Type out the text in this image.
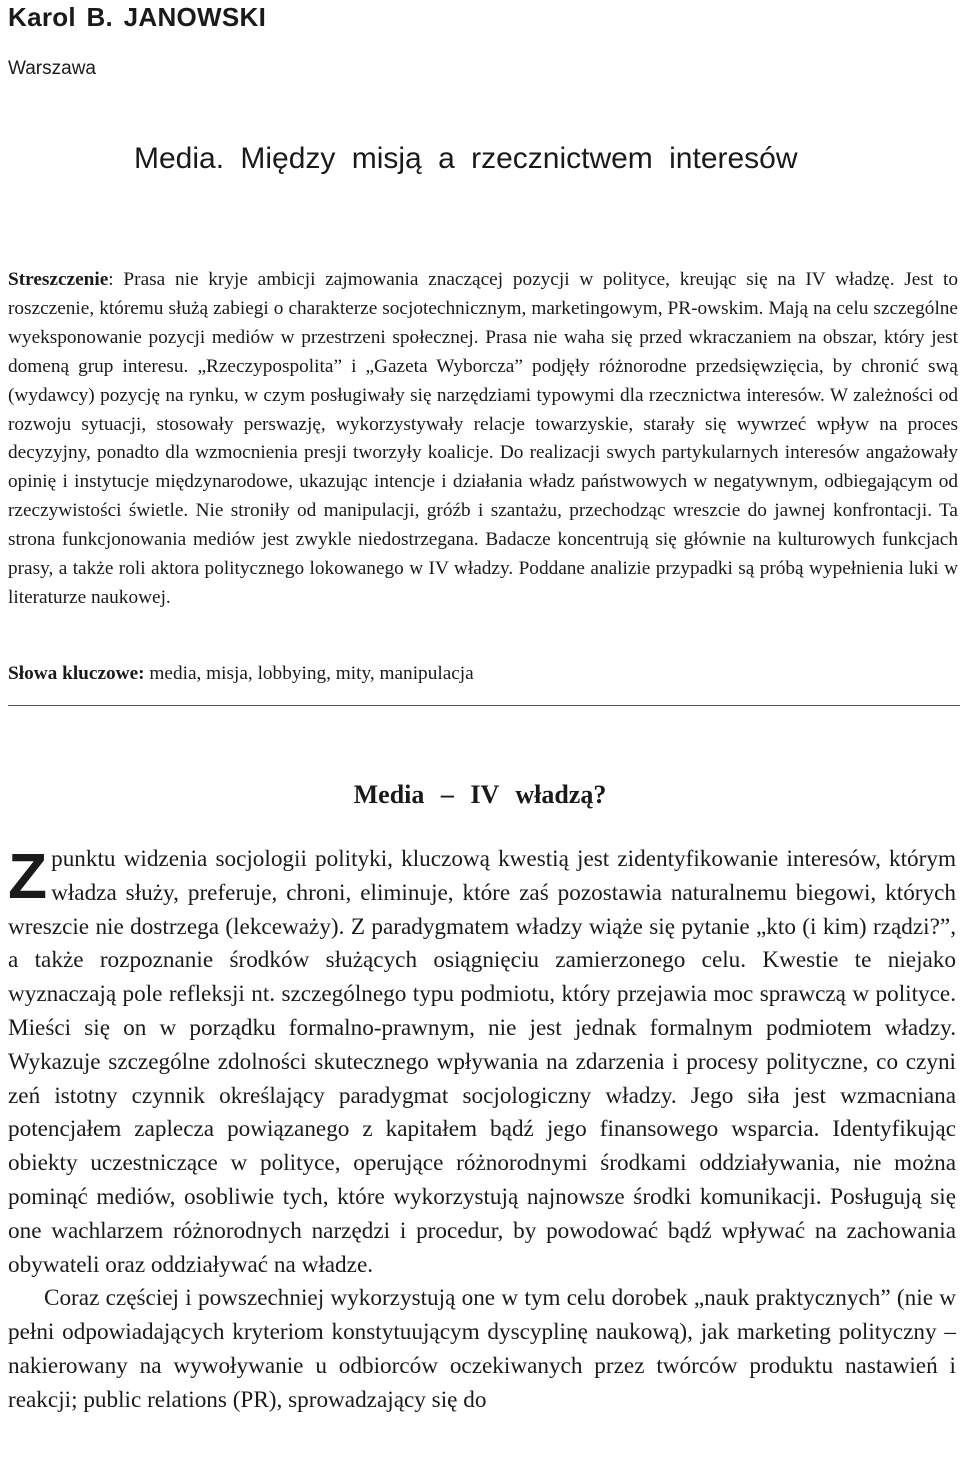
Karol B. JANOWSKI

Warszawa

Media. Między misją a rzecznictwem interesów

Streszczenie: Prasa nie kryje ambicji zajmowania znaczącej pozycji w polityce, kreując się na IV władzę. Jest to roszczenie, któremu służą zabiegi o charakterze socjotechnicznym, marketingowym, PR-owskim. Mają na celu szczególne wyeksponowanie pozycji mediów w przestrzeni społecznej. Prasa nie waha się przed wkraczaniem na obszar, który jest domeną grup interesu. „Rzeczypospolita” i „Gazeta Wyborcza” podjęły różnorodne przedsięwzięcia, by chronić swą (wydawcy) pozycję na rynku, w czym posługiwały się narzędziami typowymi dla rzecznictwa interesów. W zależności od rozwoju sytuacji, stosowały perswazję, wykorzystywały relacje towarzyskie, starały się wywrzeć wpływ na proces decyzyjny, ponadto dla wzmocnienia presji tworzyły koalicje. Do realizacji swych partykularnych interesów angażowały opinię i instytucje międzynarodowe, ukazując intencje i działania władz państwowych w negatywnym, odbiegającym od rzeczywistości świetle. Nie stroniły od manipulacji, gróźb i szantażu, przechodząc wreszcie do jawnej konfrontacji. Ta strona funkcjonowania mediów jest zwykle niedostrzegana. Badacze koncentrują się głównie na kulturowych funkcjach prasy, a także roli aktora politycznego lokowanego w IV władzy. Poddane analizie przypadki są próbą wypełnienia luki w literaturze naukowej.

Słowa kluczowe: media, misja, lobbying, mity, manipulacja

Media – IV władzą?

Z punktu widzenia socjologii polityki, kluczową kwestią jest zidentyfikowanie interesów, którym władza służy, preferuje, chroni, eliminuje, które zaś pozostawia naturalnemu biegowi, których wreszcie nie dostrzega (lekceważy). Z paradygmatem władzy wiąże się pytanie „kto (i kim) rządzi?”, a także rozpoznanie środków służących osiągnięciu zamierzonego celu. Kwestie te niejako wyznaczają pole refleksji nt. szczególnego typu podmiotu, który przejawia moc sprawczą w polityce. Mieści się on w porządku formalno-prawnym, nie jest jednak formalnym podmiotem władzy. Wykazuje szczególne zdolności skutecznego wpływania na zdarzenia i procesy polityczne, co czyni zeń istotny czynnik określający paradygmat socjologiczny władzy. Jego siła jest wzmacniana potencjałem zaplecza powiązanego z kapitałem bądź jego finansowego wsparcia. Identyfikując obiekty uczestniczące w polityce, operujące różnorodnymi środkami oddziaływania, nie można pominąć mediów, osobliwie tych, które wykorzystują najnowsze środki komunikacji. Posługują się one wachlarzem różnorodnych narzędzi i procedur, by powodować bądź wpływać na zachowania obywateli oraz oddziaływać na władze.

Coraz częściej i powszechniej wykorzystują one w tym celu dorobek „nauk praktycznych” (nie w pełni odpowiadających kryteriom konstytuującym dyscyplinę naukową), jak marketing polityczny – nakierowany na wywoływanie u odbiorców oczekiwanych przez twórców produktu nastawień i reakcji; public relations (PR), sprowadzający się do
